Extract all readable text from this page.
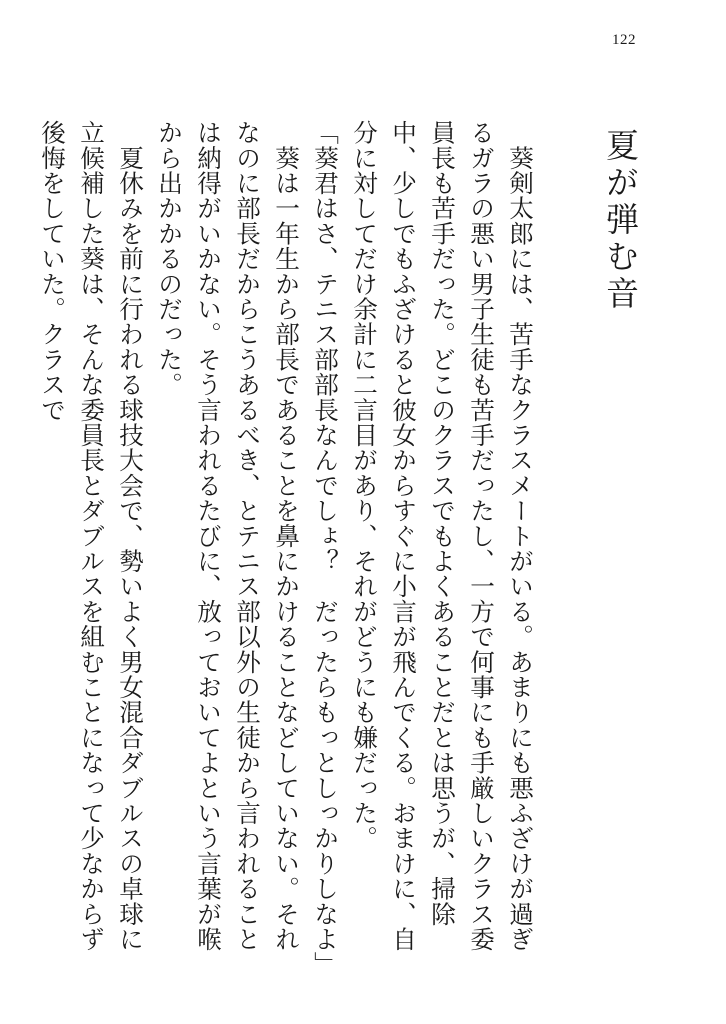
122
夏が弾む音

　葵剣太郎には、苦手なクラスメートがいる。あまりにも悪ふざけが過ぎるガラの悪い男子生徒も苦手だったし、一方で何事にも手厳しいクラス委員長も苦手だった。どこのクラスでもよくあることだとは思うが、掃除中、少しでもふざけると彼女からすぐに小言が飛んでくる。おまけに、自分に対してだけ余計に二言目があり、それがどうにも嫌だった。

「葵君はさ、テニス部部長なんでしょ？　だったらもっとしっかりしなよ」

　葵は一年生から部長であることを鼻にかけることなどしていない。それなのに部長だからこうあるべき、とテニス部以外の生徒から言われることは納得がいかない。そう言われるたびに、放っておいてよという言葉が喉から出かかるのだった。

　夏休みを前に行われる球技大会で、勢いよく男女混合ダブルスの卓球に立候補した葵は、そんな委員長とダブルスを組むことになって少なからず後悔をしていた。クラスで
